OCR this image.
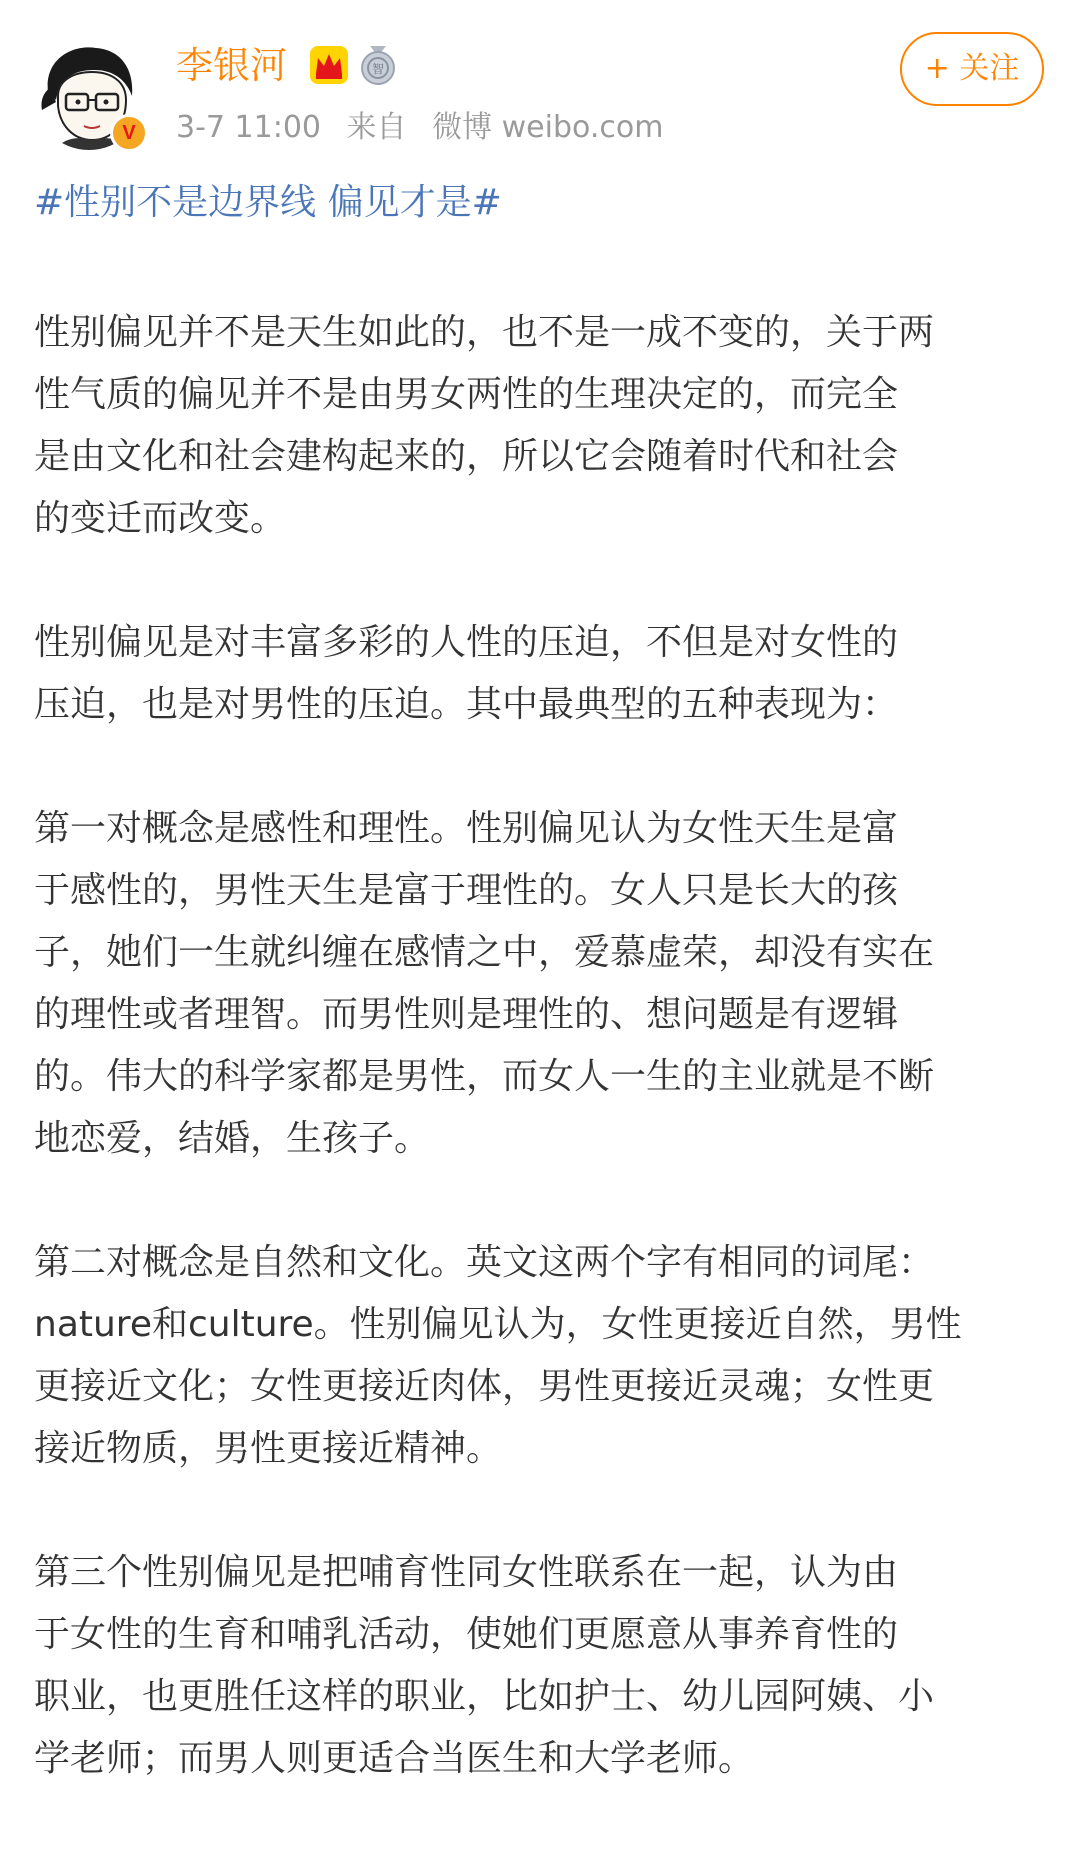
V
李银河	智
3-7 11:00 来自 微博 weibo.com
+ 关注
#性别不是边界线 偏见才是#

性别偏见并不是天生如此的，也不是一成不变的，关于两
性气质的偏见并不是由男女两性的生理决定的，而完全
是由文化和社会建构起来的，所以它会随着时代和社会
的变迁而改变。

性别偏见是对丰富多彩的人性的压迫，不但是对女性的
压迫，也是对男性的压迫。其中最典型的五种表现为：

第一对概念是感性和理性。性别偏见认为女性天生是富
于感性的，男性天生是富于理性的。女人只是长大的孩
子，她们一生就纠缠在感情之中，爱慕虚荣，却没有实在
的理性或者理智。而男性则是理性的、想问题是有逻辑
的。伟大的科学家都是男性，而女人一生的主业就是不断
地恋爱，结婚，生孩子。

第二对概念是自然和文化。英文这两个字有相同的词尾：
nature和culture。性别偏见认为，女性更接近自然，男性
更接近文化；女性更接近肉体，男性更接近灵魂；女性更
接近物质，男性更接近精神。

第三个性别偏见是把哺育性同女性联系在一起，认为由
于女性的生育和哺乳活动，使她们更愿意从事养育性的
职业，也更胜任这样的职业，比如护士、幼儿园阿姨、小
学老师；而男人则更适合当医生和大学老师。
